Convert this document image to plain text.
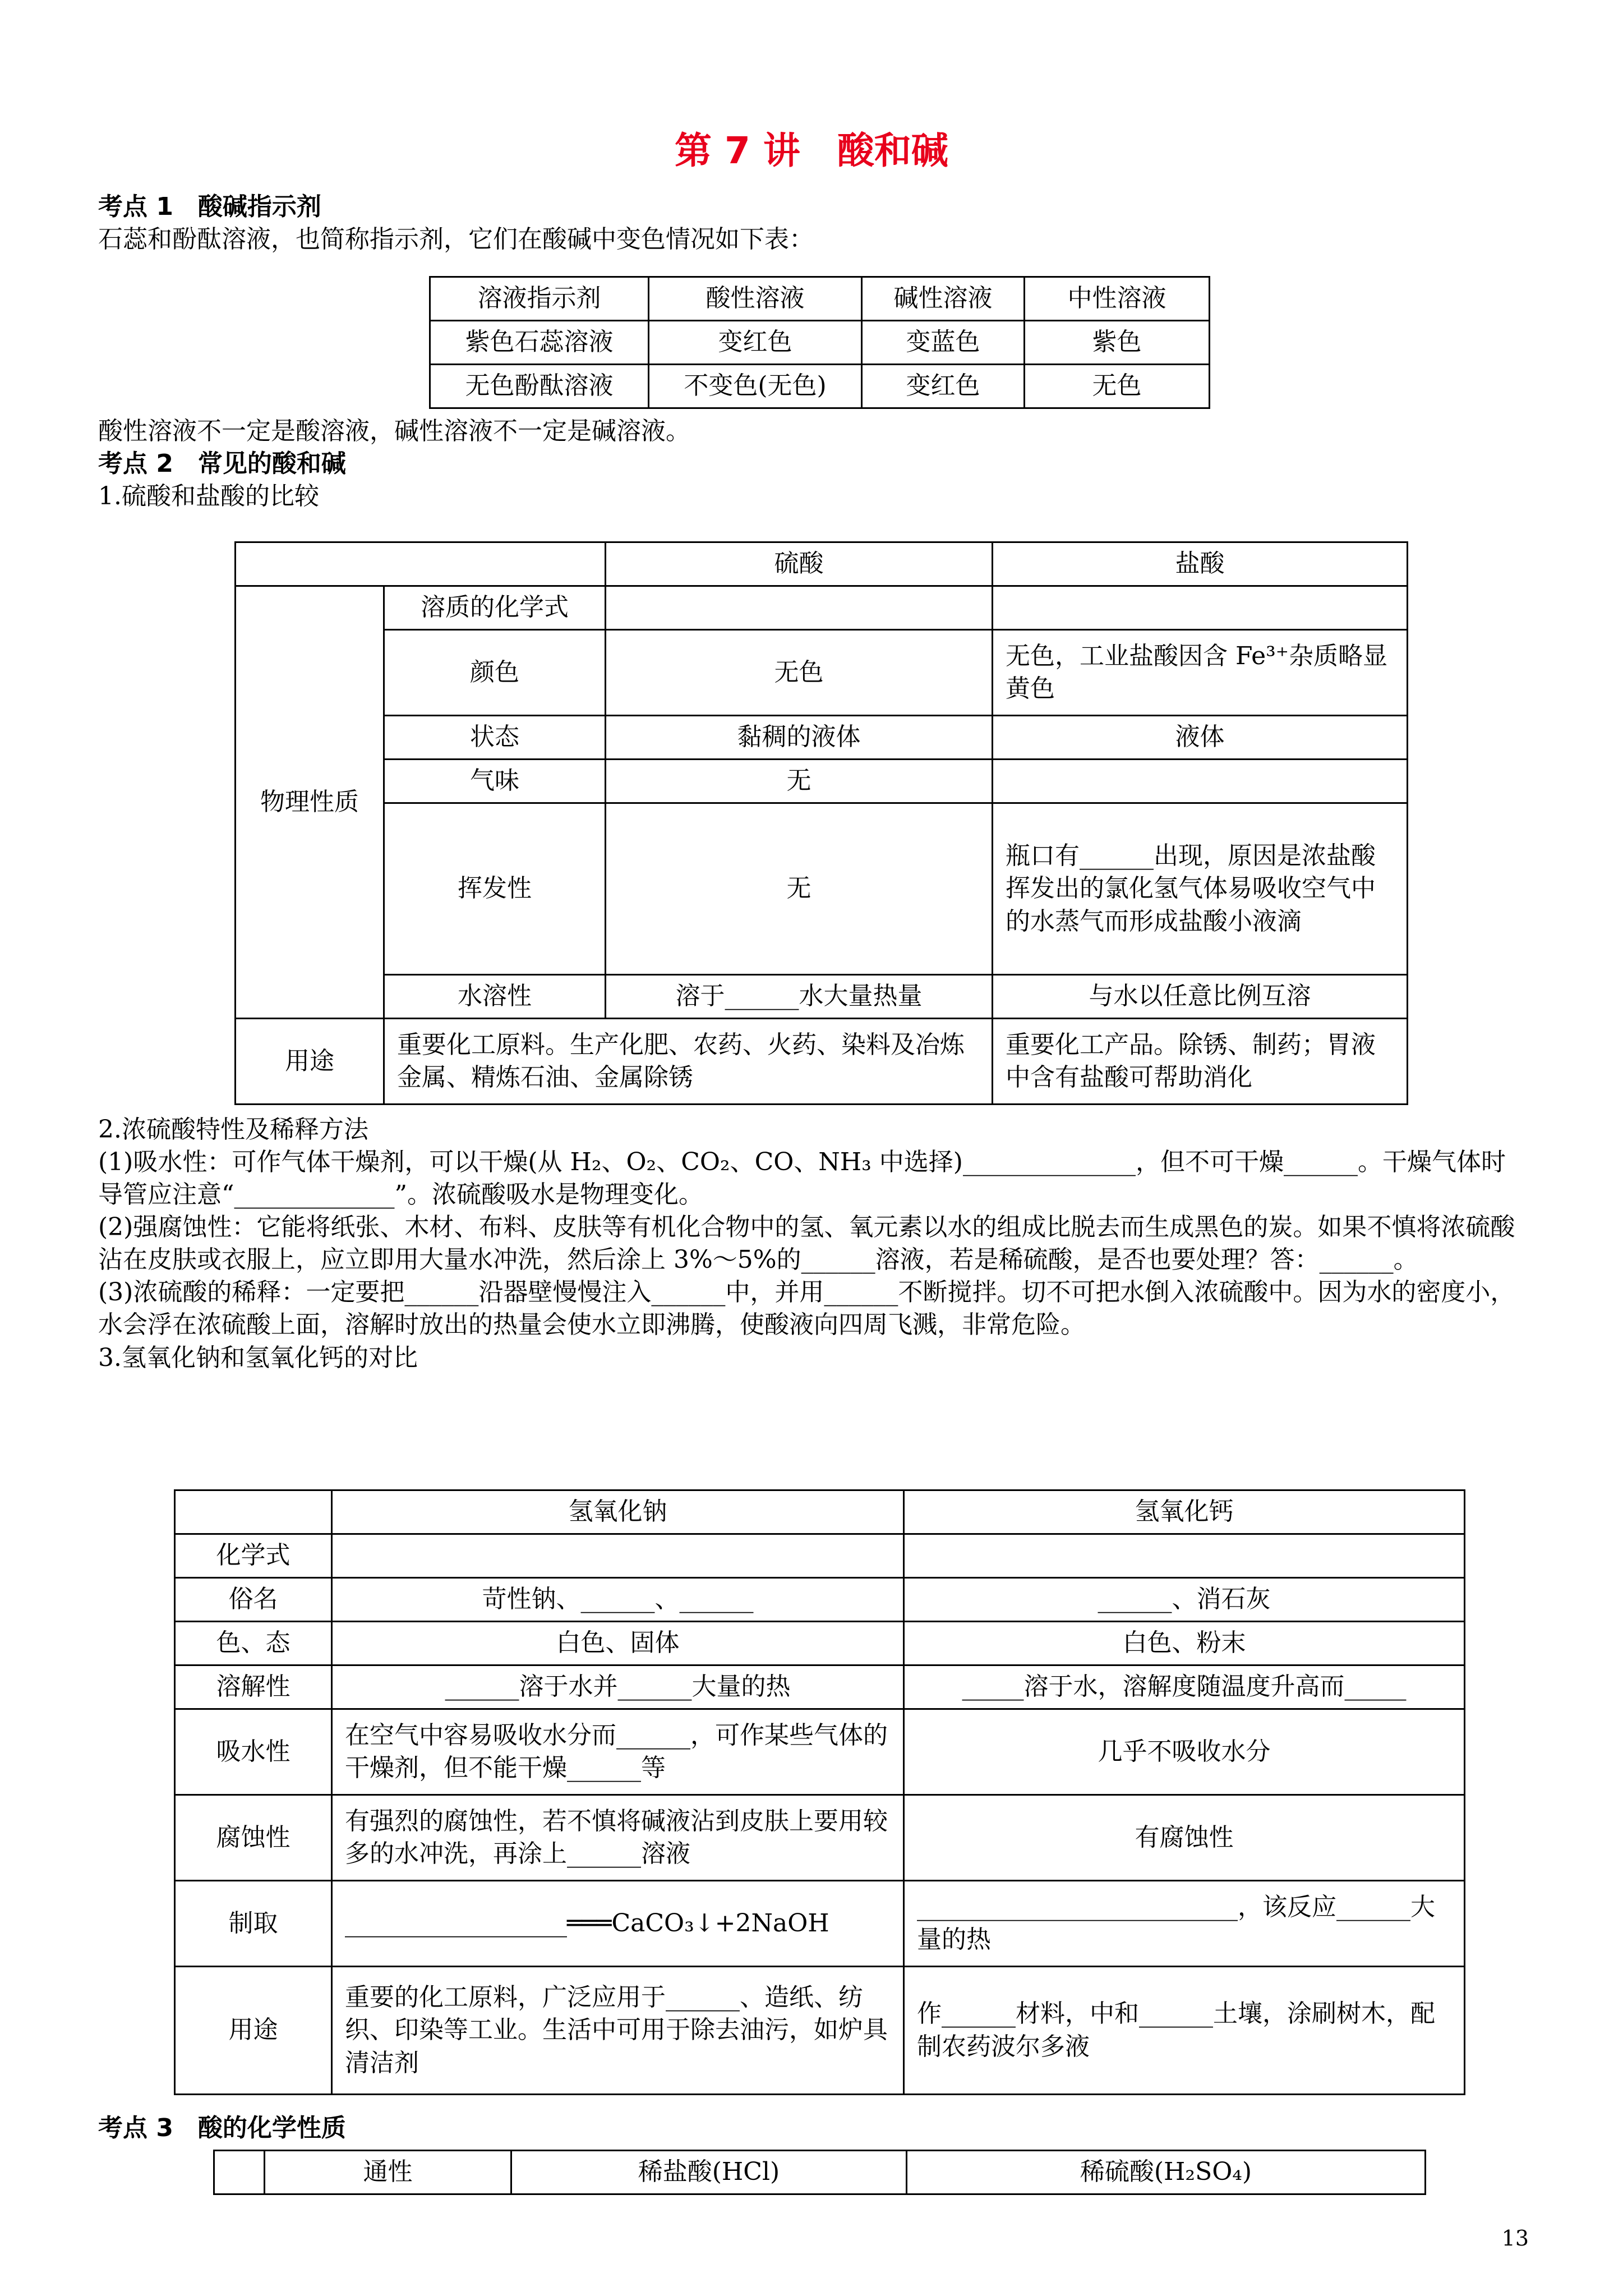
第 7 讲　酸和碱

考点 1　酸碱指示剂

石蕊和酚酞溶液，也简称指示剂，它们在酸碱中变色情况如下表：

溶液指示剂	酸性溶液	碱性溶液	中性溶液
紫色石蕊溶液	变红色	变蓝色	紫色
无色酚酞溶液	不变色(无色)	变红色	无色

酸性溶液不一定是酸溶液，碱性溶液不一定是碱溶液。

考点 2　常见的酸和碱

1.硫酸和盐酸的比较

		硫酸	盐酸
物理性质	溶质的化学式		
	颜色	无色	无色，工业盐酸因含 Fe³⁺杂质略显黄色
	状态	黏稠的液体	液体
	气味	无	
	挥发性	无	瓶口有______出现，原因是浓盐酸挥发出的氯化氢气体易吸收空气中的水蒸气而形成盐酸小液滴
	水溶性	溶于______水大量热量	与水以任意比例互溶
用途	重要化工原料。生产化肥、农药、火药、染料及冶炼金属、精炼石油、金属除锈		重要化工产品。除锈、制药；胃液中含有盐酸可帮助消化

2.浓硫酸特性及稀释方法

(1)吸水性：可作气体干燥剂，可以干燥(从 H₂、O₂、CO₂、CO、NH₃ 中选择)______________，但不可干燥______。干燥气体时导管应注意“_____________”。浓硫酸吸水是物理变化。

(2)强腐蚀性：它能将纸张、木材、布料、皮肤等有机化合物中的氢、氧元素以水的组成比脱去而生成黑色的炭。如果不慎将浓硫酸沾在皮肤或衣服上，应立即用大量水冲洗，然后涂上 3%～5%的______溶液，若是稀硫酸，是否也要处理？答：______。

(3)浓硫酸的稀释：一定要把______沿器壁慢慢注入______中，并用______不断搅拌。切不可把水倒入浓硫酸中。因为水的密度小，水会浮在浓硫酸上面，溶解时放出的热量会使水立即沸腾，使酸液向四周飞溅，非常危险。

3.氢氧化钠和氢氧化钙的对比

	氢氧化钠	氢氧化钙
化学式		
俗名	苛性钠、______、______	______、消石灰
色、态	白色、固体	白色、粉末
溶解性	______溶于水并______大量的热	_____溶于水，溶解度随温度升高而_____
吸水性	在空气中容易吸收水分而______，可作某些气体的干燥剂，但不能干燥______等	几乎不吸收水分
腐蚀性	有强烈的腐蚀性，若不慎将碱液沾到皮肤上要用较多的水冲洗，再涂上______溶液	有腐蚀性
制取	__________________═══CaCO₃↓+2NaOH	__________________________，该反应______大量的热
用途	重要的化工原料，广泛应用于______、造纸、纺织、印染等工业。生活中可用于除去油污，如炉具清洁剂	作______材料，中和______土壤，涂刷树木，配制农药波尔多液

考点 3　酸的化学性质

	通性	稀盐酸(HCl)	稀硫酸(H₂SO₄)
13
